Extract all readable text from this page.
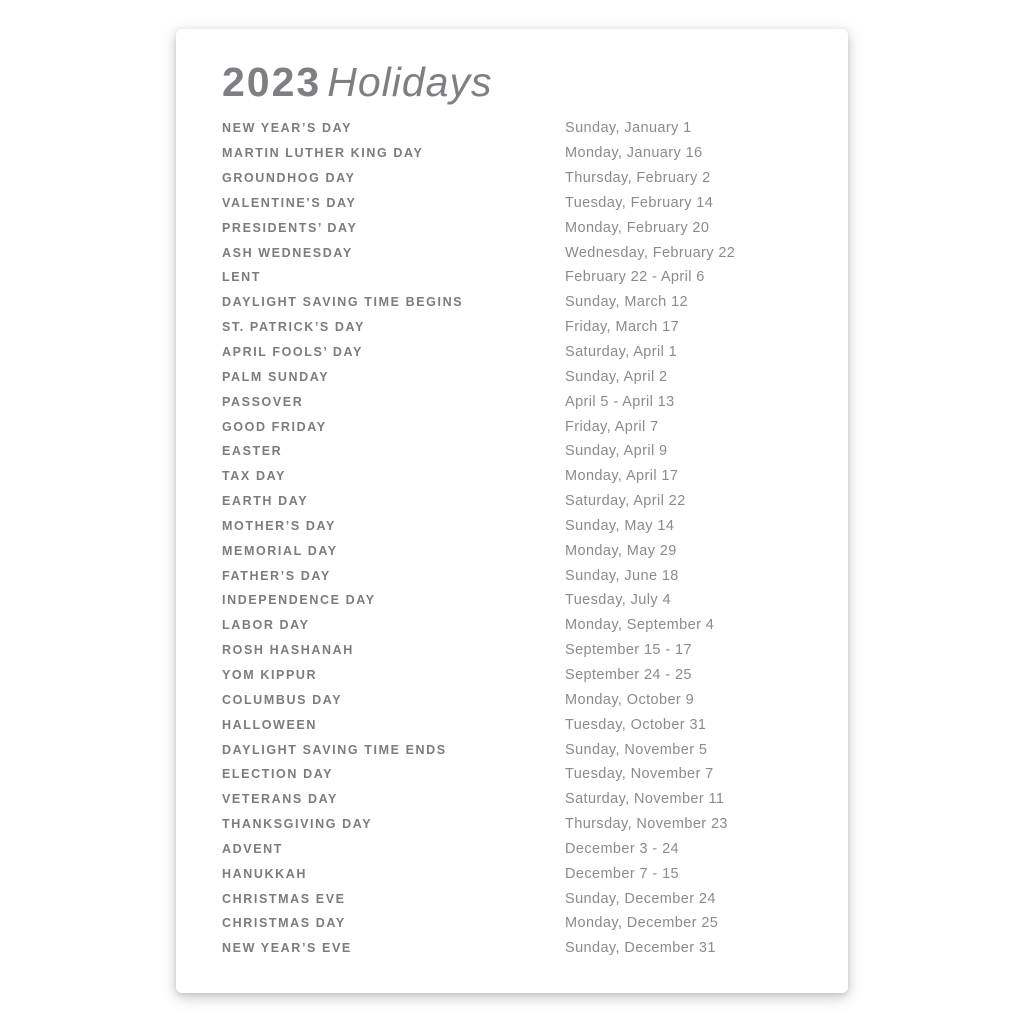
2023 Holidays
NEW YEAR’S DAY	Sunday, January 1
MARTIN LUTHER KING DAY	Monday, January 16
GROUNDHOG DAY	Thursday, February 2
VALENTINE’S DAY	Tuesday, February 14
PRESIDENTS’ DAY	Monday, February 20
ASH WEDNESDAY	Wednesday, February 22
LENT	February 22 - April 6
DAYLIGHT SAVING TIME BEGINS	Sunday, March 12
ST. PATRICK’S DAY	Friday, March 17
APRIL FOOLS’ DAY	Saturday, April 1
PALM SUNDAY	Sunday, April 2
PASSOVER	April 5 - April 13
GOOD FRIDAY	Friday, April 7
EASTER	Sunday, April 9
TAX DAY	Monday, April 17
EARTH DAY	Saturday, April 22
MOTHER’S DAY	Sunday, May 14
MEMORIAL DAY	Monday, May 29
FATHER’S DAY	Sunday, June 18
INDEPENDENCE DAY	Tuesday, July 4
LABOR DAY	Monday, September 4
ROSH HASHANAH	September 15 - 17
YOM KIPPUR	September 24 - 25
COLUMBUS DAY	Monday, October 9
HALLOWEEN	Tuesday, October 31
DAYLIGHT SAVING TIME ENDS	Sunday, November 5
ELECTION DAY	Tuesday, November 7
VETERANS DAY	Saturday, November 11
THANKSGIVING DAY	Thursday, November 23
ADVENT	December 3 - 24
HANUKKAH	December 7 - 15
CHRISTMAS EVE	Sunday, December 24
CHRISTMAS DAY	Monday, December 25
NEW YEAR’S EVE	Sunday, December 31
